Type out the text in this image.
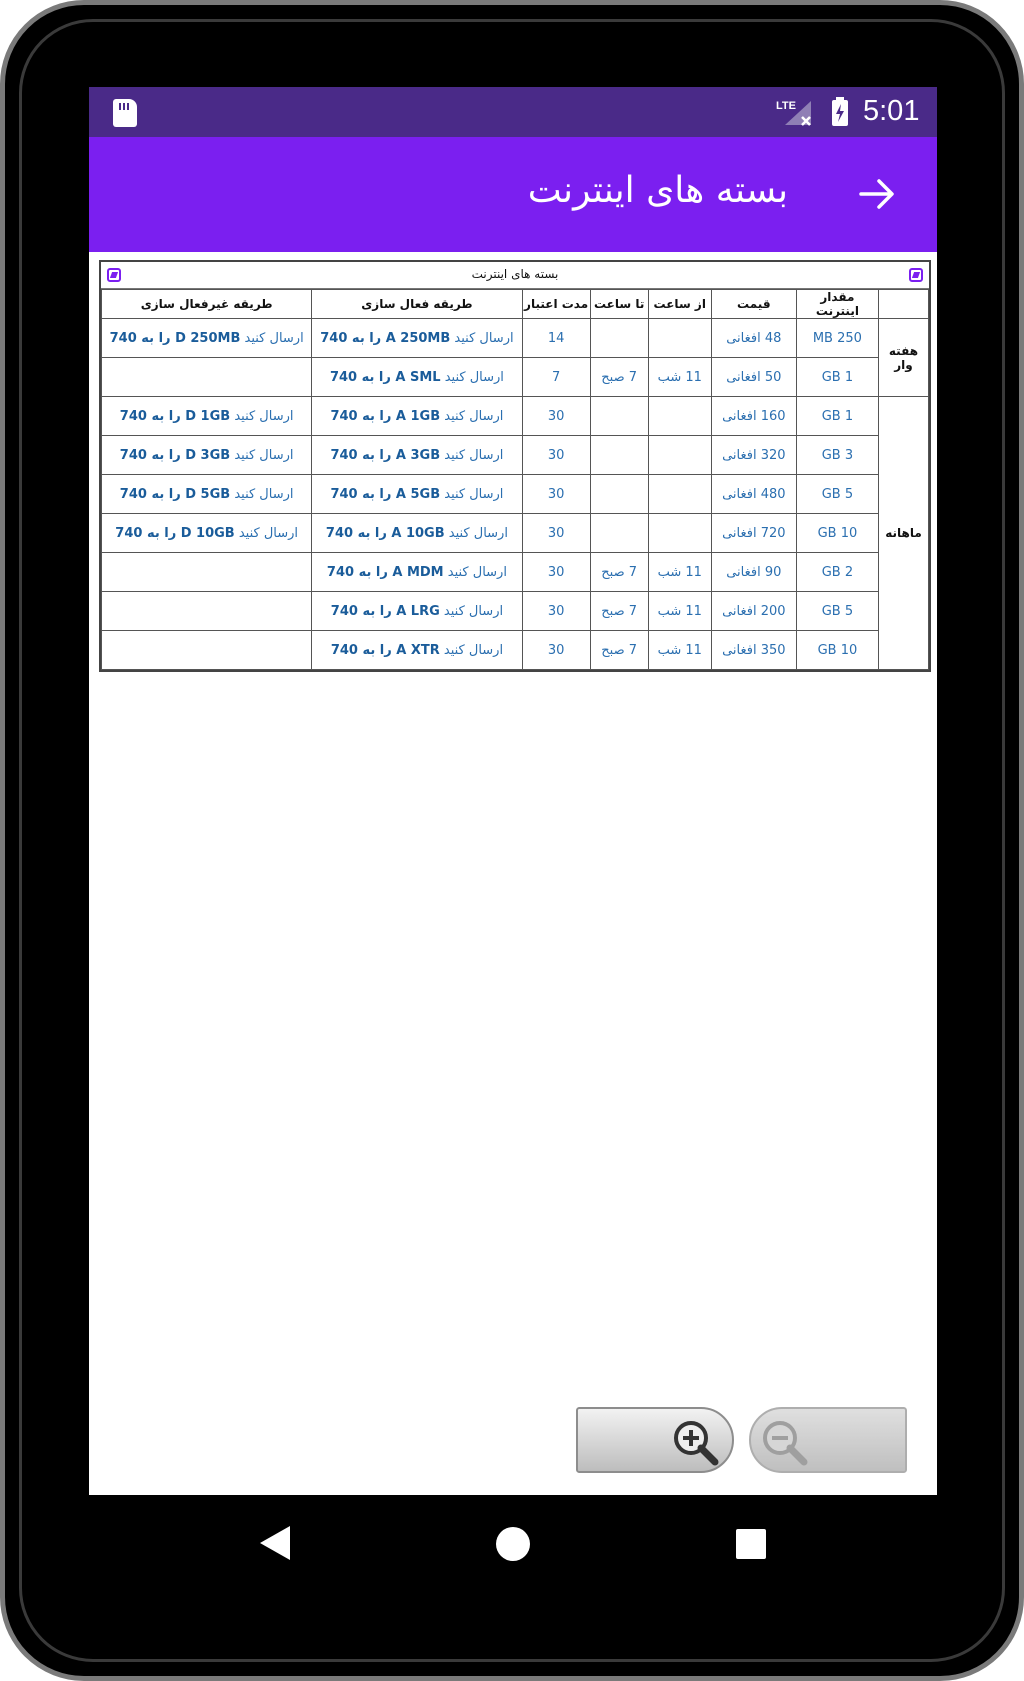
LTE 5:01
بسته های اینترنت
بسته های اینترنت
	مقدار اینترنت	قیمت	از ساعت	تا ساعت	مدت اعتبار	طریقه فعال سازی	طریقه غیرفعال سازی
هفته وار	250 MB	48 افغانی			14	ارسال کنید A 250MB را به 740	ارسال کنید D 250MB را به 740
	1 GB	50 افغانی	11 شب	7 صبح	7	ارسال کنید A SML را به 740	
ماهانه	1 GB	160 افغانی			30	ارسال کنید A 1GB را به 740	ارسال کنید D 1GB را به 740
	3 GB	320 افغانی			30	ارسال کنید A 3GB را به 740	ارسال کنید D 3GB را به 740
	5 GB	480 افغانی			30	ارسال کنید A 5GB را به 740	ارسال کنید D 5GB را به 740
	10 GB	720 افغانی			30	ارسال کنید A 10GB را به 740	ارسال کنید D 10GB را به 740
	2 GB	90 افغانی	11 شب	7 صبح	30	ارسال کنید A MDM را به 740	
	5 GB	200 افغانی	11 شب	7 صبح	30	ارسال کنید A LRG را به 740	
	10 GB	350 افغانی	11 شب	7 صبح	30	ارسال کنید A XTR را به 740	
